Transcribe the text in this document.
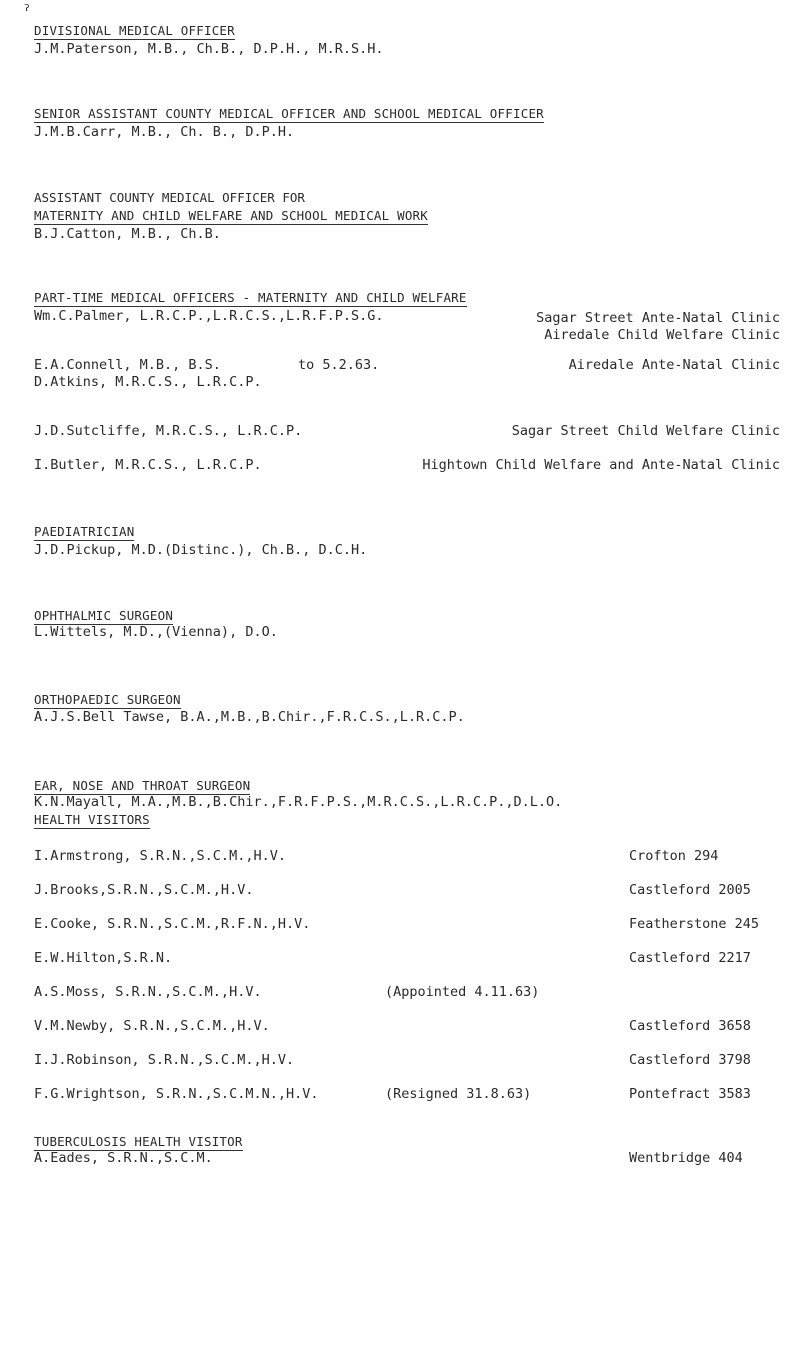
ˀ
DIVISIONAL MEDICAL OFFICER
J.M.Paterson, M.B., Ch.B., D.P.H., M.R.S.H.
SENIOR ASSISTANT COUNTY MEDICAL OFFICER AND SCHOOL MEDICAL OFFICER
J.M.B.Carr, M.B., Ch. B., D.P.H.
ASSISTANT COUNTY MEDICAL OFFICER FOR
MATERNITY AND CHILD WELFARE AND SCHOOL MEDICAL WORK
B.J.Catton, M.B., Ch.B.
PART-TIME MEDICAL OFFICERS - MATERNITY AND CHILD WELFARE
Wm.C.Palmer, L.R.C.P.,L.R.C.S.,L.R.F.P.S.G.	Sagar Street Ante-Natal Clinic
Airedale Child Welfare Clinic
E.A.Connell, M.B., B.S.	to 5.2.63.	Airedale Ante-Natal Clinic
D.Atkins, M.R.C.S., L.R.C.P.
J.D.Sutcliffe, M.R.C.S., L.R.C.P.	Sagar Street Child Welfare Clinic
I.Butler, M.R.C.S., L.R.C.P.	Hightown Child Welfare and Ante-Natal Clinic
PAEDIATRICIAN
J.D.Pickup, M.D.(Distinc.), Ch.B., D.C.H.
OPHTHALMIC SURGEON
L.Wittels, M.D.,(Vienna), D.O.
ORTHOPAEDIC SURGEON
A.J.S.Bell Tawse, B.A.,M.B.,B.Chir.,F.R.C.S.,L.R.C.P.
EAR, NOSE AND THROAT SURGEON
K.N.Mayall, M.A.,M.B.,B.Chir.,F.R.F.P.S.,M.R.C.S.,L.R.C.P.,D.L.O.
HEALTH VISITORS
I.Armstrong, S.R.N.,S.C.M.,H.V.	Crofton 294
J.Brooks,S.R.N.,S.C.M.,H.V.	Castleford 2005
E.Cooke, S.R.N.,S.C.M.,R.F.N.,H.V.	Featherstone 245
E.W.Hilton,S.R.N.	Castleford 2217
A.S.Moss, S.R.N.,S.C.M.,H.V.	(Appointed 4.11.63)
V.M.Newby, S.R.N.,S.C.M.,H.V.	Castleford 3658
I.J.Robinson, S.R.N.,S.C.M.,H.V.	Castleford 3798
F.G.Wrightson, S.R.N.,S.C.M.N.,H.V.	(Resigned 31.8.63)	Pontefract 3583
TUBERCULOSIS HEALTH VISITOR
A.Eades, S.R.N.,S.C.M.	Wentbridge 404
